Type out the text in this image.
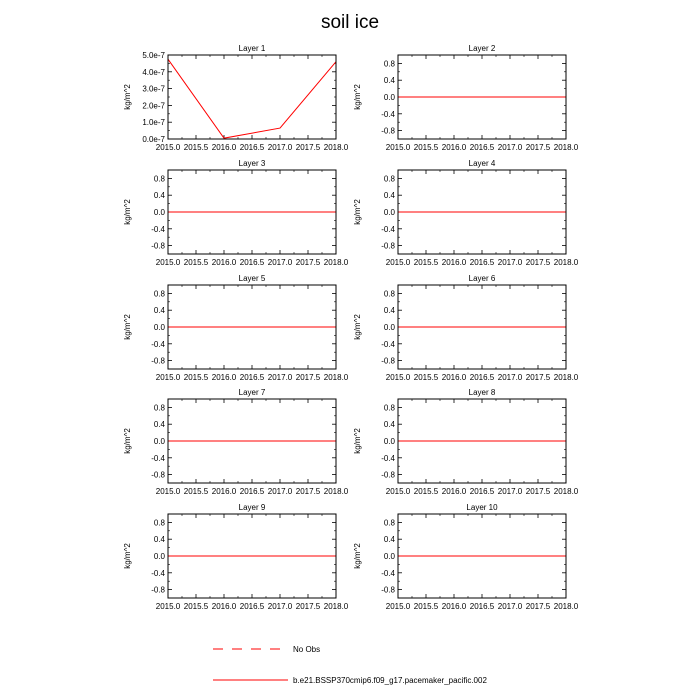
soil ice
Layer 1
kg/m^2
2015.0 2015.5 2016.0 2016.5 2017.0 2017.5 2018.0
0.0e-7
1.0e-7
2.0e-7
3.0e-7
4.0e-7
5.0e-7
Layer 2
kg/m^2
2015.0 2015.5 2016.0 2016.5 2017.0 2017.5 2018.0
-0.8
-0.4
0.0
0.4
0.8
Layer 3
kg/m^2
2015.0 2015.5 2016.0 2016.5 2017.0 2017.5 2018.0
-0.8
-0.4
0.0
0.4
0.8
Layer 4
kg/m^2
2015.0 2015.5 2016.0 2016.5 2017.0 2017.5 2018.0
-0.8
-0.4
0.0
0.4
0.8
Layer 5
kg/m^2
2015.0 2015.5 2016.0 2016.5 2017.0 2017.5 2018.0
-0.8
-0.4
0.0
0.4
0.8
Layer 6
kg/m^2
2015.0 2015.5 2016.0 2016.5 2017.0 2017.5 2018.0
-0.8
-0.4
0.0
0.4
0.8
Layer 7
kg/m^2
2015.0 2015.5 2016.0 2016.5 2017.0 2017.5 2018.0
-0.8
-0.4
0.0
0.4
0.8
Layer 8
kg/m^2
2015.0 2015.5 2016.0 2016.5 2017.0 2017.5 2018.0
-0.8
-0.4
0.0
0.4
0.8
Layer 9
kg/m^2
2015.0 2015.5 2016.0 2016.5 2017.0 2017.5 2018.0
-0.8
-0.4
0.0
0.4
0.8
Layer 10
kg/m^2
2015.0 2015.5 2016.0 2016.5 2017.0 2017.5 2018.0
-0.8
-0.4
0.0
0.4
0.8
No Obs
b.e21.BSSP370cmip6.f09_g17.pacemaker_pacific.002
